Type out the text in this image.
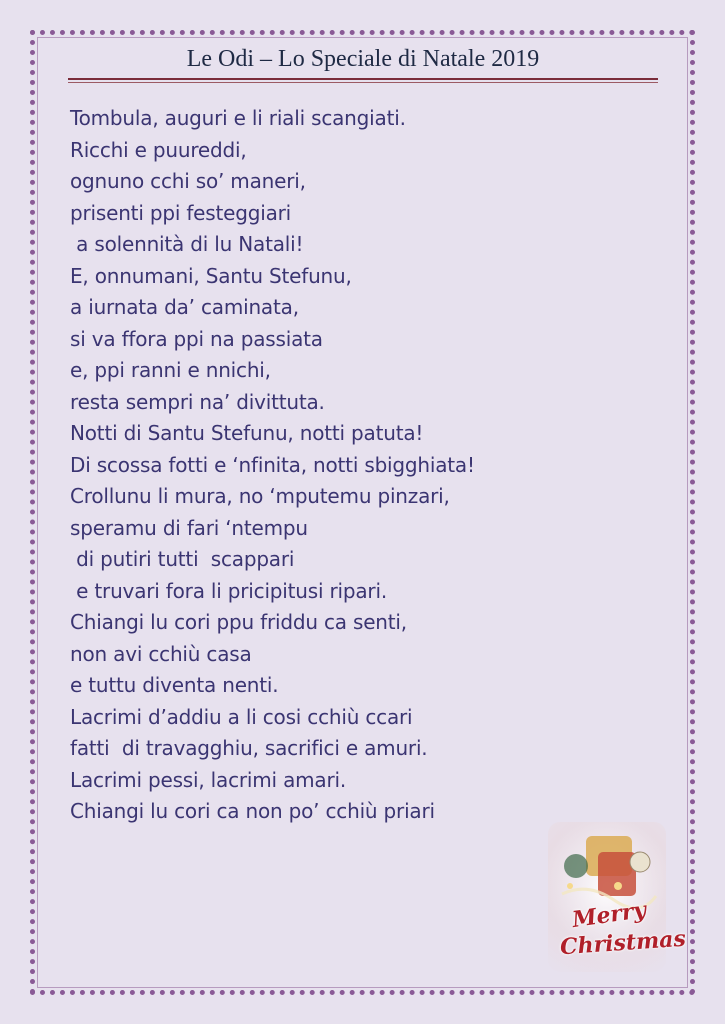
Le Odi – Lo Speciale di Natale 2019
Tombula, auguri e li riali scangiati.
Ricchi e puureddi,
ognuno cchi so’ maneri,
prisenti ppi festeggiari
a solennità di lu Natali!
E, onnumani, Santu Stefunu,
a iurnata da’ caminata,
si va ffora ppi na passiata
e, ppi ranni e nnichi,
resta sempri na’ divittuta.
Notti di Santu Stefunu, notti patuta!
Di scossa fotti e ‘nfinita, notti sbigghiata!
Crollunu li mura, no ‘mputemu pinzari,
speramu di fari ‘ntempu
di putiri tutti  scappari
e truvari fora li pricipitusi ripari.
Chiangi lu cori ppu friddu ca senti,
non avi cchiù casa
e tuttu diventa nenti.
Lacrimi d’addiu a li cosi cchiù ccari
fatti  di travagghiu, sacrifici e amuri.
Lacrimi pessi, lacrimi amari.
Chiangi lu cori ca non po’ cchiù priari
Merry
Christmas
